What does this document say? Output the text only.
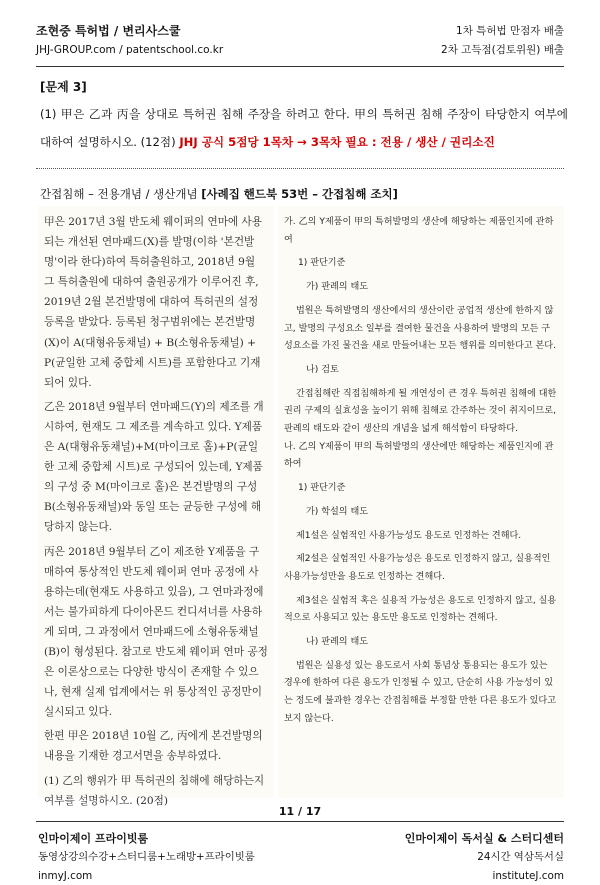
조현중 특허법 / 변리사스쿨
JHJ-GROUP.com / patentschool.co.kr
1차 특허법 만점자 배출
2차 고득점(검토위원) 배출
[문제 3]
(1) 甲은 乙과 丙을 상대로 특허권 침해 주장을 하려고 한다. 甲의 특허권 침해 주장이 타당한지 여부에 대하여 설명하시오. (12점) JHJ 공식 5점당 1목차 → 3목차 필요 : 전용 / 생산 / 권리소진
간접침해 – 전용개념 / 생산개념 [사례집 핸드북 53번 – 간접침해 조치]

甲은 2017년 3월 반도체 웨이퍼의 연마에 사용되는 개선된 연마패드(X)를 발명(이하 '본건발명'이라 한다)하여 특허출원하고, 2018년 9월 그 특허출원에 대하여 출원공개가 이루어진 후, 2019년 2월 본건발명에 대하여 특허권의 설정등록을 받았다. 등록된 청구범위에는 본건발명(X)이 A(대형유동채널) + B(소형유동채널) + P(균일한 고체 중합체 시트)를 포함한다고 기재되어 있다.

乙은 2018년 9월부터 연마패드(Y)의 제조를 개시하여, 현재도 그 제조를 계속하고 있다. Y제품은 A(대형유동채널)+M(마이크로 홀)+P(균일한 고체 중합체 시트)로 구성되어 있는데, Y제품의 구성 중 M(마이크로 홀)은 본건발명의 구성 B(소형유동채널)와 동일 또는 균등한 구성에 해당하지 않는다.

丙은 2018년 9월부터 乙이 제조한 Y제품을 구매하여 통상적인 반도체 웨이퍼 연마 공정에 사용하는데(현재도 사용하고 있음), 그 연마과정에서는 불가피하게 다이아몬드 컨디셔너를 사용하게 되며, 그 과정에서 연마패드에 소형유동채널(B)이 형성된다. 참고로 반도체 웨이퍼 연마 공정은 이론상으로는 다양한 방식이 존재할 수 있으나, 현재 실제 업계에서는 위 통상적인 공정만이 실시되고 있다.

한편 甲은 2018년 10월 乙, 丙에게 본건발명의 내용을 기재한 경고서면을 송부하였다.

(1) 乙의 행위가 甲 특허권의 침해에 해당하는지 여부를 설명하시오. (20점)

가. 乙의 Y제품이 甲의 특허발명의 생산에 해당하는 제품인지에 관하여
1) 판단기준
가) 판례의 태도
법원은 특허발명의 생산에서의 생산이란 공업적 생산에 한하지 않고, 발명의 구성요소 일부를 결여한 물건을 사용하여 발명의 모든 구성요소를 가진 물건을 새로 만들어내는 모든 행위를 의미한다고 본다.
나) 검토
간접침해란 직접침해하게 될 개연성이 큰 경우 특허권 침해에 대한 권리 구제의 실효성을 높이기 위해 침해로 간주하는 것이 취지이므로, 판례의 태도와 같이 생산의 개념을 넓게 해석함이 타당하다.
나. 乙의 Y제품이 甲의 특허발명의 생산에만 해당하는 제품인지에 관하여
1) 판단기준
가) 학설의 태도
제1설은 실험적인 사용가능성도 용도로 인정하는 견해다.
제2설은 실험적인 사용가능성은 용도로 인정하지 않고, 실용적인 사용가능성만을 용도로 인정하는 견해다.
제3설은 실험적 혹은 실용적 가능성은 용도로 인정하지 않고, 실용적으로 사용되고 있는 용도만 용도로 인정하는 견해다.
나) 판례의 태도
법원은 실용성 있는 용도로서 사회 통념상 통용되는 용도가 있는 경우에 한하여 다른 용도가 인정될 수 있고, 단순히 사용 가능성이 있는 정도에 불과한 경우는 간접침해를 부정할 만한 다른 용도가 있다고 보지 않는다.
11 / 17
인마이제이 프라이빗룸
동영상강의수강+스터디룸+노래방+프라이빗룸
inmyJ.com
인마이제이 독서실 & 스터디센터
24시간 역삼독서실
instituteJ.com
